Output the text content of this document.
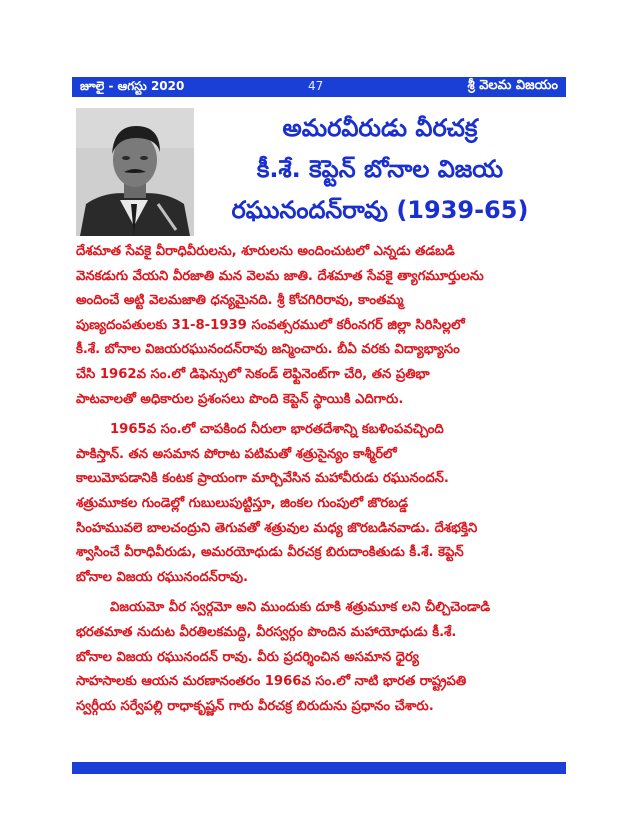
జూలై - ఆగస్టు 2020	47	శ్రీ వెలమ విజయం
అమరవీరుడు వీరచక్ర
కీ.శే. కెప్టెన్ బోనాల విజయ
రఘునందన్‌రావు (1939-65)
దేశమాత సేవకై వీరాధివీరులను, శూరులను అందించుటలో ఎన్నడు తడబడి
వెనకడుగు వేయని వీరజాతి మన వెలమ జాతి. దేశమాత సేవకై త్యాగమూర్తులను
అందించే అట్టి వెలమజాతి ధన్యమైనది. శ్రీ కోచగిరిరావు, కాంతమ్మ
పుణ్యదంపతులకు 31-8-1939 సంవత్సరములో కరీంనగర్ జిల్లా సిరిసిల్లలో
కీ.శే. బోనాల విజయరఘునందన్‌రావు జన్మించారు. బీఏ వరకు విద్యాభ్యాసం
చేసి 1962వ సం.లో డిఫెన్సులో సెకండ్ లెఫ్టినెంట్‌గా చేరి, తన ప్రతిభా
పాటవాలతో అధికారుల ప్రశంసలు పొంది కెప్టెన్ స్థాయికి ఎదిగారు.
1965వ సం.లో చాపకింద నీరులా భారతదేశాన్ని కబళింపవచ్చింది
పాకిస్తాన్. తన అసమాన పోరాట పటిమతో శత్రుసైన్యం కాశ్మీర్‌లో
కాలుమోపడానికి కంటక ప్రాయంగా మార్చివేసిన మహావీరుడు రఘునందన్.
శత్రుమూకల గుండెల్లో గుబులుపుట్టిస్తూ, జింకల గుంపులో జొరబడ్డ
సింహమువలె బాలచంద్రుని తెగువతో శత్రువుల మధ్య జొరబడినవాడు. దేశభక్తిని
శ్వాసించే వీరాధివీరుడు, అమరయోధుడు వీరచక్ర బిరుదాంకితుడు కీ.శే. కెప్టెన్
బోనాల విజయ రఘునందన్‌రావు.
విజయమో వీర స్వర్గమో అని ముందుకు దూకి శత్రుమూక లని చీల్చిచెండాడి
భరతమాత నుదుట వీరతిలకమద్ది, వీరస్వర్గం పొందిన మహాయోధుడు కీ.శే.
బోనాల విజయ రఘునందన్ రావు. వీరు ప్రదర్శించిన అసమాన ధైర్య
సాహసాలకు ఆయన మరణానంతరం 1966వ సం.లో నాటి భారత రాష్ట్రపతి
స్వర్గీయ సర్వేపల్లి రాధాకృష్ణన్ గారు వీరచక్ర బిరుదును ప్రధానం చేశారు.
